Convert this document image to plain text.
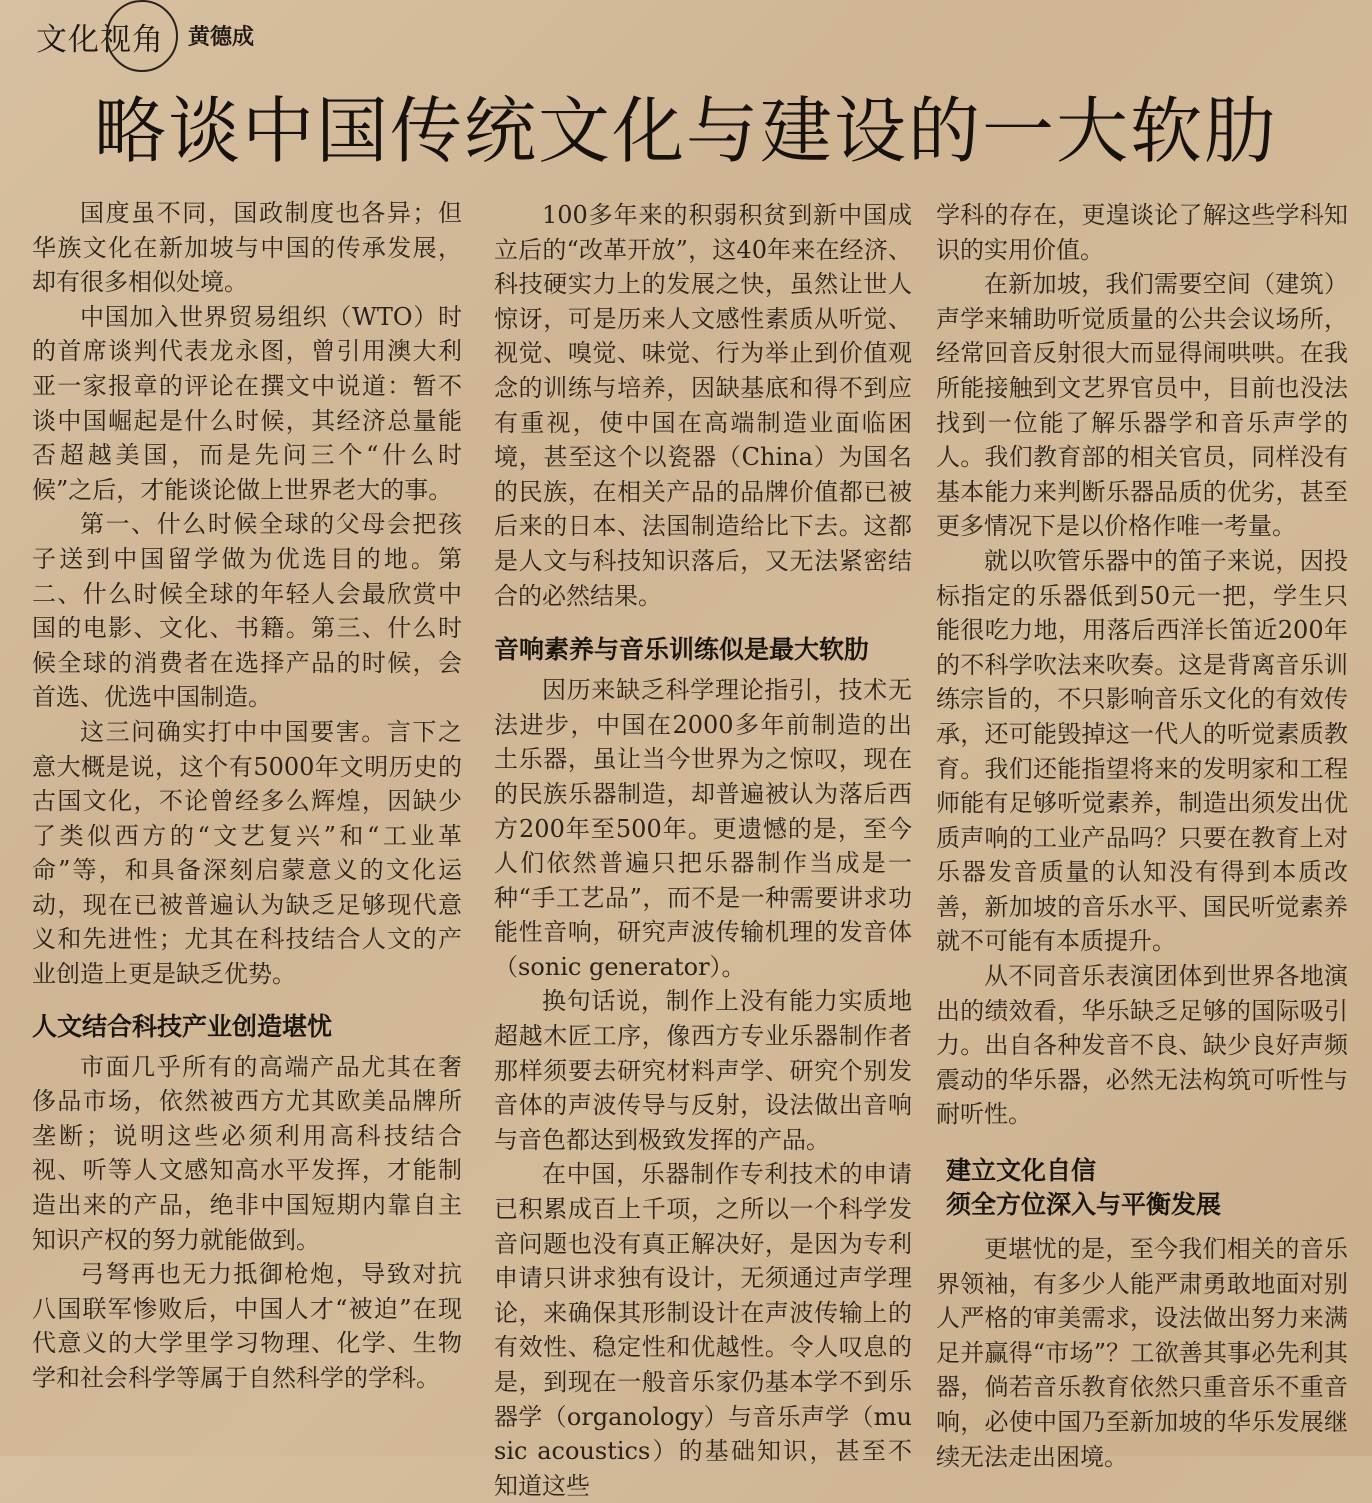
文化视角 黄德成
略谈中国传统文化与建设的一大软肋

国度虽不同，国政制度也各异；但华族文化在新加坡与中国的传承发展，却有很多相似处境。

中国加入世界贸易组织（WTO）时的首席谈判代表龙永图，曾引用澳大利亚一家报章的评论在撰文中说道：暂不谈中国崛起是什么时候，其经济总量能否超越美国，而是先问三个“什么时候”之后，才能谈论做上世界老大的事。

第一、什么时候全球的父母会把孩子送到中国留学做为优选目的地。第二、什么时候全球的年轻人会最欣赏中国的电影、文化、书籍。第三、什么时候全球的消费者在选择产品的时候，会首选、优选中国制造。

这三问确实打中中国要害。言下之意大概是说，这个有5000年文明历史的古国文化，不论曾经多么辉煌，因缺少了类似西方的“文艺复兴”和“工业革命”等，和具备深刻启蒙意义的文化运动，现在已被普遍认为缺乏足够现代意义和先进性；尤其在科技结合人文的产业创造上更是缺乏优势。

人文结合科技产业创造堪忧

市面几乎所有的高端产品尤其在奢侈品市场，依然被西方尤其欧美品牌所垄断；说明这些必须利用高科技结合视、听等人文感知高水平发挥，才能制造出来的产品，绝非中国短期内靠自主知识产权的努力就能做到。

弓弩再也无力抵御枪炮，导致对抗八国联军惨败后，中国人才“被迫”在现代意义的大学里学习物理、化学、生物学和社会科学等属于自然科学的学科。

100多年来的积弱积贫到新中国成立后的“改革开放”，这40年来在经济、科技硬实力上的发展之快，虽然让世人惊讶，可是历来人文感性素质从听觉、视觉、嗅觉、味觉、行为举止到价值观念的训练与培养，因缺基底和得不到应有重视，使中国在高端制造业面临困境，甚至这个以瓷器（China）为国名的民族，在相关产品的品牌价值都已被后来的日本、法国制造给比下去。这都是人文与科技知识落后，又无法紧密结合的必然结果。

音响素养与音乐训练似是最大软肋

因历来缺乏科学理论指引，技术无法进步，中国在2000多年前制造的出土乐器，虽让当今世界为之惊叹，现在的民族乐器制造，却普遍被认为落后西方200年至500年。更遗憾的是，至今人们依然普遍只把乐器制作当成是一种“手工艺品”，而不是一种需要讲求功能性音响，研究声波传输机理的发音体（sonic generator）。

换句话说，制作上没有能力实质地超越木匠工序，像西方专业乐器制作者那样须要去研究材料声学、研究个别发音体的声波传导与反射，设法做出音响与音色都达到极致发挥的产品。

在中国，乐器制作专利技术的申请已积累成百上千项，之所以一个科学发音问题也没有真正解决好，是因为专利申请只讲求独有设计，无须通过声学理论，来确保其形制设计在声波传输上的有效性、稳定性和优越性。令人叹息的是，到现在一般音乐家仍基本学不到乐器学（organology）与音乐声学（music acoustics）的基础知识，甚至不知道这些

学科的存在，更遑谈论了解这些学科知识的实用价值。

在新加坡，我们需要空间（建筑）声学来辅助听觉质量的公共会议场所，经常回音反射很大而显得闹哄哄。在我所能接触到文艺界官员中，目前也没法找到一位能了解乐器学和音乐声学的人。我们教育部的相关官员，同样没有基本能力来判断乐器品质的优劣，甚至更多情况下是以价格作唯一考量。

就以吹管乐器中的笛子来说，因投标指定的乐器低到50元一把，学生只能很吃力地，用落后西洋长笛近200年的不科学吹法来吹奏。这是背离音乐训练宗旨的，不只影响音乐文化的有效传承，还可能毁掉这一代人的听觉素质教育。我们还能指望将来的发明家和工程师能有足够听觉素养，制造出须发出优质声响的工业产品吗？只要在教育上对乐器发音质量的认知没有得到本质改善，新加坡的音乐水平、国民听觉素养就不可能有本质提升。

从不同音乐表演团体到世界各地演出的绩效看，华乐缺乏足够的国际吸引力。出自各种发音不良、缺少良好声频震动的华乐器，必然无法构筑可听性与耐听性。

建立文化自信
须全方位深入与平衡发展

更堪忧的是，至今我们相关的音乐界领袖，有多少人能严肃勇敢地面对别人严格的审美需求，设法做出努力来满足并赢得“市场”？工欲善其事必先利其器，倘若音乐教育依然只重音乐不重音响，必使中国乃至新加坡的华乐发展继续无法走出困境。
